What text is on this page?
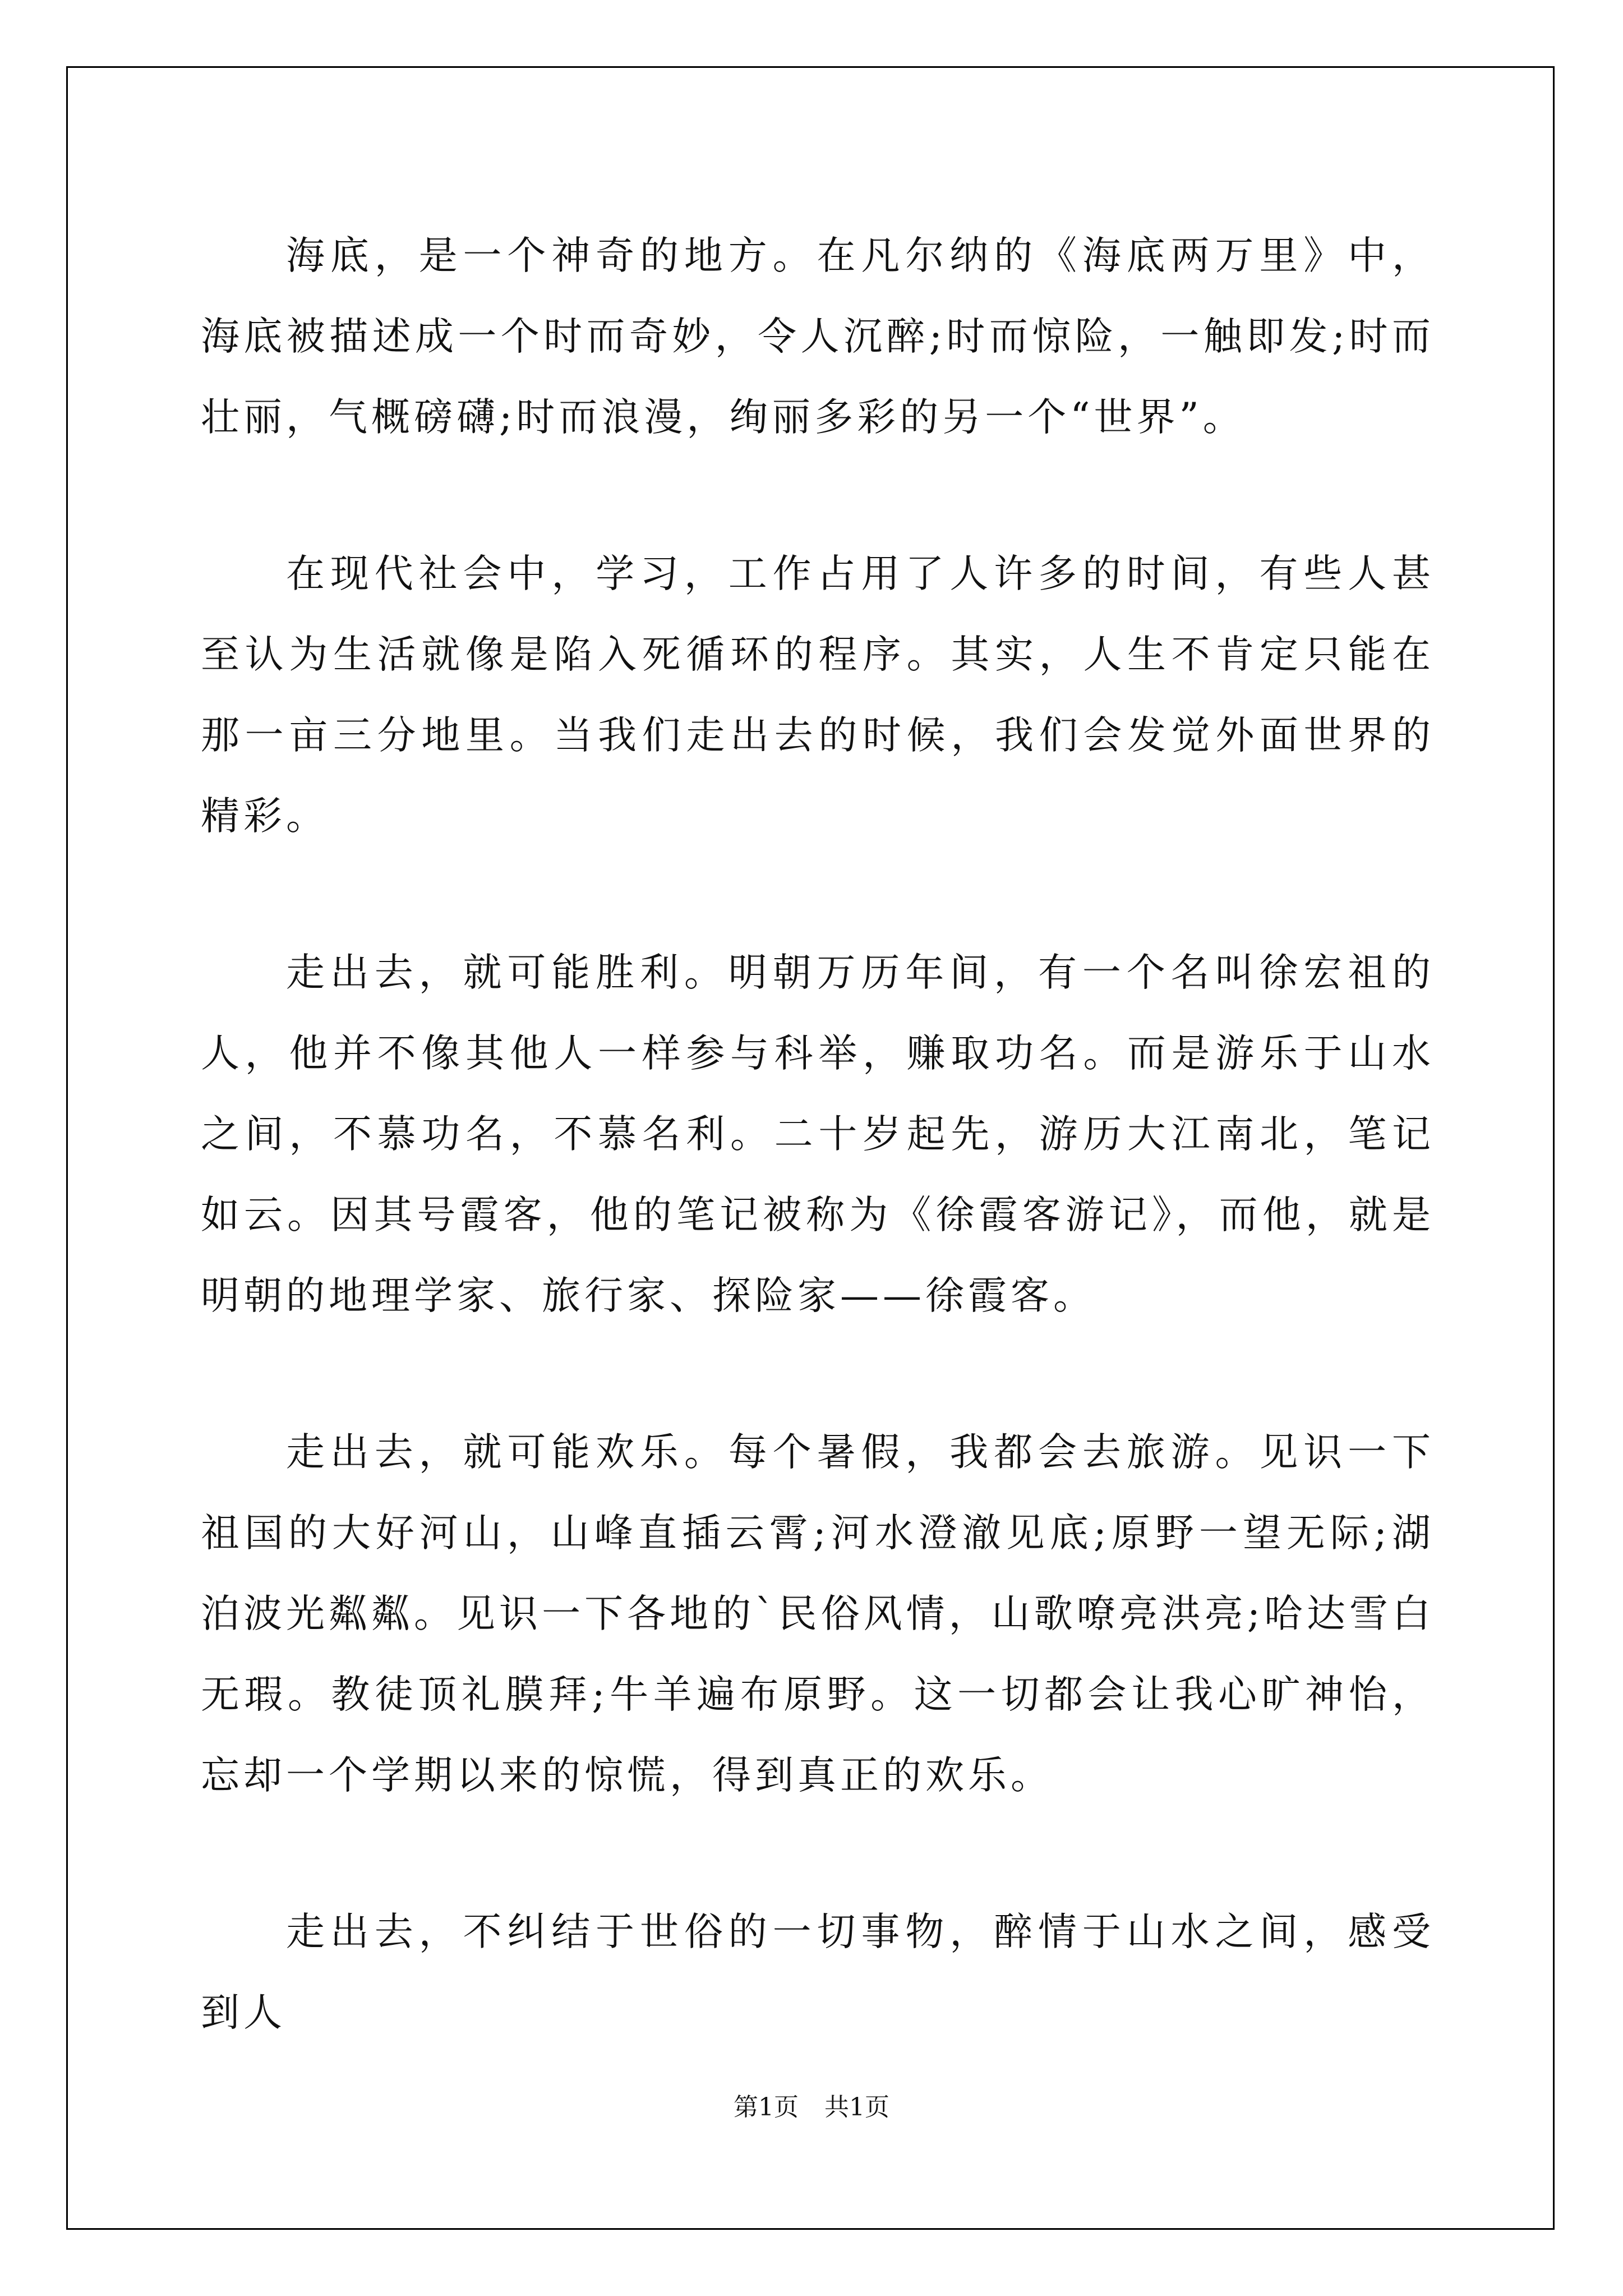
海底，是一个神奇的地方。在凡尔纳的《海底两万里》中，海底被描述成一个时而奇妙，令人沉醉;时而惊险，一触即发;时而壮丽，气概磅礴;时而浪漫，绚丽多彩的另一个“世界”。

在现代社会中，学习，工作占用了人许多的时间，有些人甚至认为生活就像是陷入死循环的程序。其实，人生不肯定只能在那一亩三分地里。当我们走出去的时候，我们会发觉外面世界的精彩。

走出去，就可能胜利。明朝万历年间，有一个名叫徐宏祖的人，他并不像其他人一样参与科举，赚取功名。而是游乐于山水之间，不慕功名，不慕名利。二十岁起先，游历大江南北，笔记如云。因其号霞客，他的笔记被称为《徐霞客游记》，而他，就是明朝的地理学家、旅行家、探险家——徐霞客。

走出去，就可能欢乐。每个暑假，我都会去旅游。见识一下祖国的大好河山，山峰直插云霄;河水澄澈见底;原野一望无际;湖泊波光粼粼。见识一下各地的`民俗风情，山歌嘹亮洪亮;哈达雪白无瑕。教徒顶礼膜拜;牛羊遍布原野。这一切都会让我心旷神怡，忘却一个学期以来的惊慌，得到真正的欢乐。

走出去，不纠结于世俗的一切事物，醉情于山水之间，感受到人

第1页 共1页
